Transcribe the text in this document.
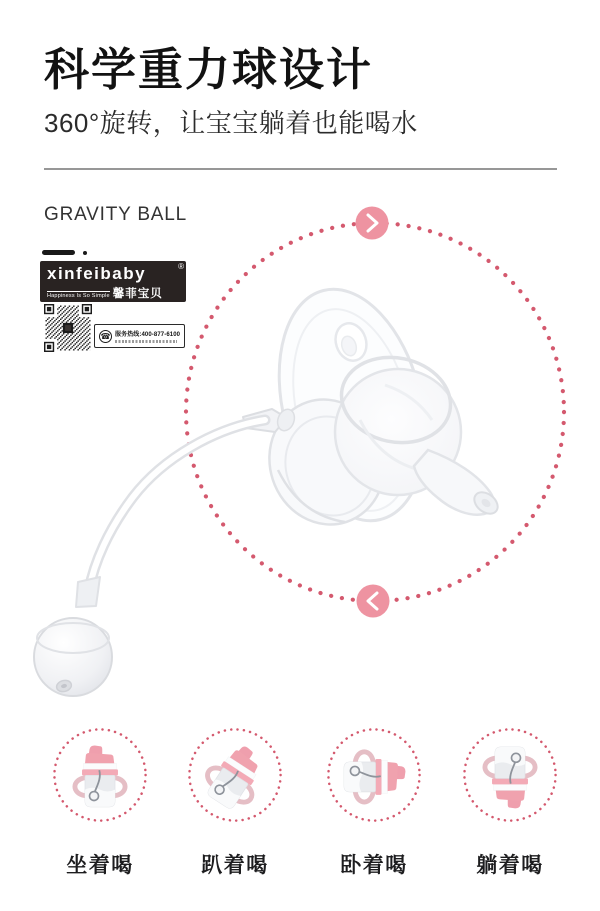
科学重力球设计
360°旋转，让宝宝躺着也能喝水
GRAVITY BALL
xinfeibaby	®
Happiness Is So Simple 馨菲宝贝
☎ 服务热线:400-877-6100
坐着喝	趴着喝	卧着喝	躺着喝
